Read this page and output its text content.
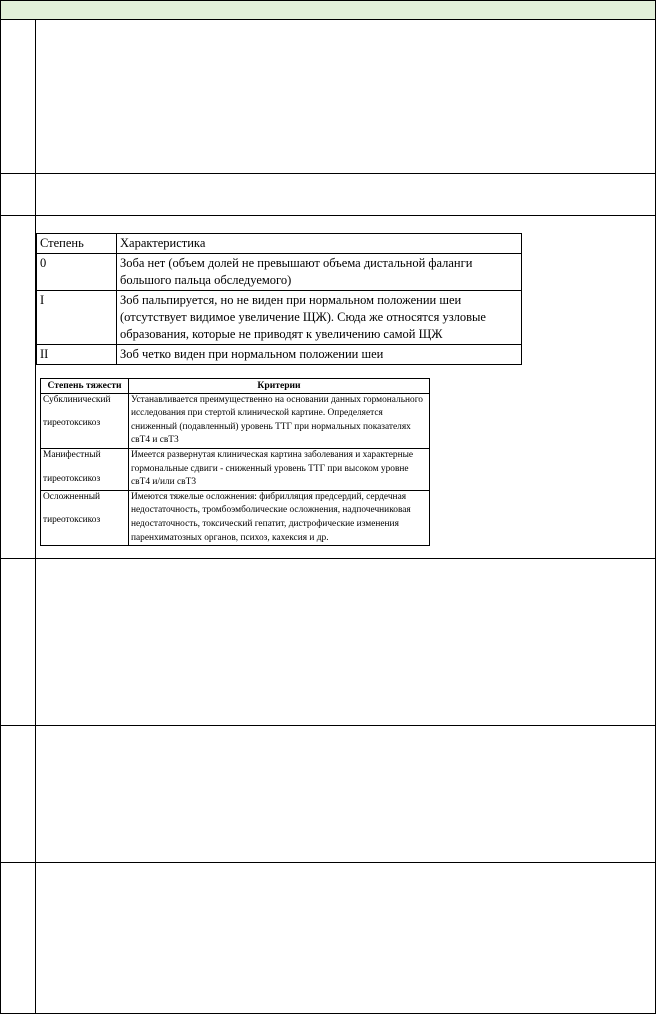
Степень	Характеристика
0	Зоба нет (объем долей не превышают объема дистальной фаланги большого пальца обследуемого)
I	Зоб пальпируется, но не виден при нормальном положении шеи (отсутствует видимое увеличение ЩЖ). Сюда же относятся узловые образования, которые не приводят к увеличению самой ЩЖ
II	Зоб четко виден при нормальном положении шеи
Степень тяжести	Критерии
Субклинический
тиреотоксикоз	Устанавливается преимущественно на основании данных гормонального исследования при стертой клинической картине. Определяется сниженный (подавленный) уровень ТТГ при нормальных показателях свТ4 и свТ3
Манифестный
тиреотоксикоз	Имеется развернутая клиническая картина заболевания и характерные гормональные сдвиги - сниженный уровень ТТГ при высоком уровне свТ4 и/или свТ3
Осложненный
тиреотоксикоз	Имеются тяжелые осложнения: фибрилляция предсердий, сердечная недостаточность, тромбоэмболические осложнения, надпочечниковая недостаточность, токсический гепатит, дистрофические изменения паренхиматозных органов, психоз, кахексия и др.
